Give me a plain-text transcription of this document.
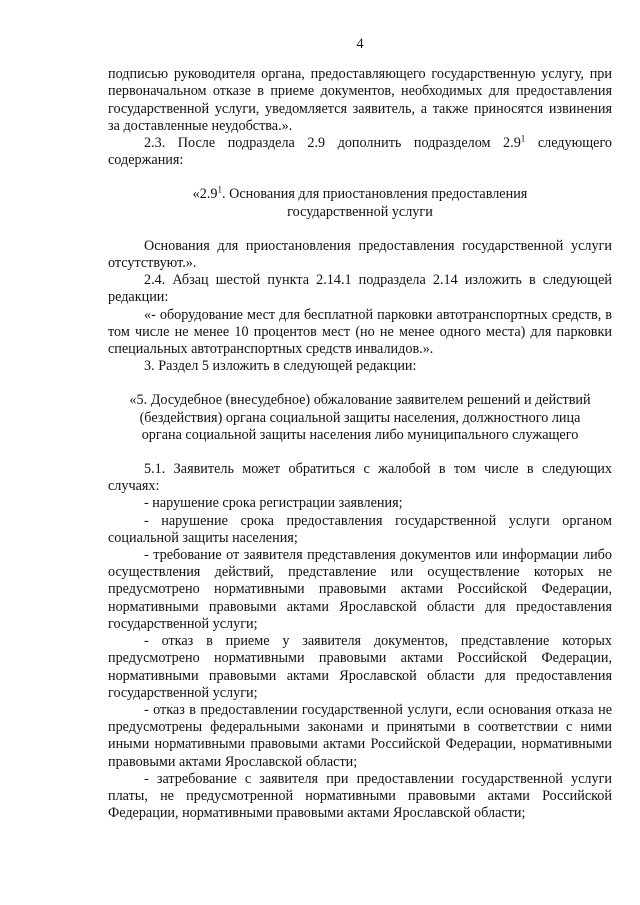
4

подписью руководителя органа, предоставляющего государственную услугу, при первоначальном отказе в приеме документов, необходимых для предоставления государственной услуги, уведомляется заявитель, а также приносятся извинения за доставленные неудобства.».

2.3. После подраздела 2.9 дополнить подразделом $2.9^1$ следующего содержания:

«$2.9^1$. Основания для приостановления предоставления
государственной услуги

Основания для приостановления предоставления государственной услуги отсутствуют.».

2.4. Абзац шестой пункта 2.14.1 подраздела 2.14 изложить в следующей редакции:

«- оборудование мест для бесплатной парковки автотранспортных средств, в том числе не менее 10 процентов мест (но не менее одного места) для парковки специальных автотранспортных средств инвалидов.».

3. Раздел 5 изложить в следующей редакции:

«5. Досудебное (внесудебное) обжалование заявителем решений и действий
(бездействия) органа социальной защиты населения, должностного лица
органа социальной защиты населения либо муниципального служащего

5.1. Заявитель может обратиться с жалобой в том числе в следующих случаях:

- нарушение срока регистрации заявления;

- нарушение срока предоставления государственной услуги органом социальной защиты населения;

- требование от заявителя представления документов или информации либо осуществления действий, представление или осуществление которых не предусмотрено нормативными правовыми актами Российской Федерации, нормативными правовыми актами Ярославской области для предоставления государственной услуги;

- отказ в приеме у заявителя документов, представление которых предусмотрено нормативными правовыми актами Российской Федерации, нормативными правовыми актами Ярославской области для предоставления государственной услуги;

- отказ в предоставлении государственной услуги, если основания отказа не предусмотрены федеральными законами и принятыми в соответствии с ними иными нормативными правовыми актами Российской Федерации, нормативными правовыми актами Ярославской области;

- затребование с заявителя при предоставлении государственной услуги платы, не предусмотренной нормативными правовыми актами Российской Федерации, нормативными правовыми актами Ярославской области;
